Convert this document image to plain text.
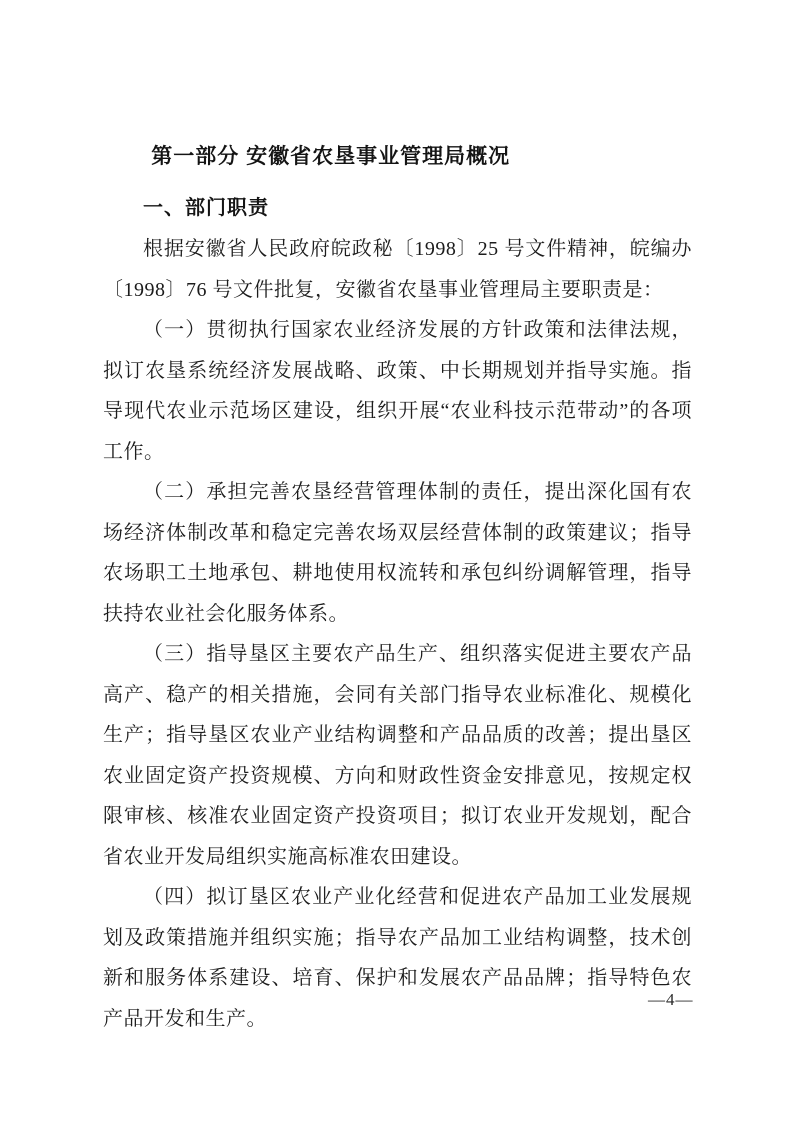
第一部分 安徽省农垦事业管理局概况
一、部门职责

根据安徽省人民政府皖政秘〔1998〕25 号文件精神，皖编办〔1998〕76 号文件批复，安徽省农垦事业管理局主要职责是：

（一）贯彻执行国家农业经济发展的方针政策和法律法规，拟订农垦系统经济发展战略、政策、中长期规划并指导实施。指导现代农业示范场区建设，组织开展“农业科技示范带动”的各项工作。

（二）承担完善农垦经营管理体制的责任，提出深化国有农场经济体制改革和稳定完善农场双层经营体制的政策建议；指导农场职工土地承包、耕地使用权流转和承包纠纷调解管理，指导扶持农业社会化服务体系。

（三）指导垦区主要农产品生产、组织落实促进主要农产品高产、稳产的相关措施，会同有关部门指导农业标准化、规模化生产；指导垦区农业产业结构调整和产品品质的改善；提出垦区农业固定资产投资规模、方向和财政性资金安排意见，按规定权限审核、核准农业固定资产投资项目；拟订农业开发规划，配合省农业开发局组织实施高标准农田建设。

（四）拟订垦区农业产业化经营和促进农产品加工业发展规划及政策措施并组织实施；指导农产品加工业结构调整，技术创新和服务体系建设、培育、保护和发展农产品品牌；指导特色农产品开发和生产。

—4—
